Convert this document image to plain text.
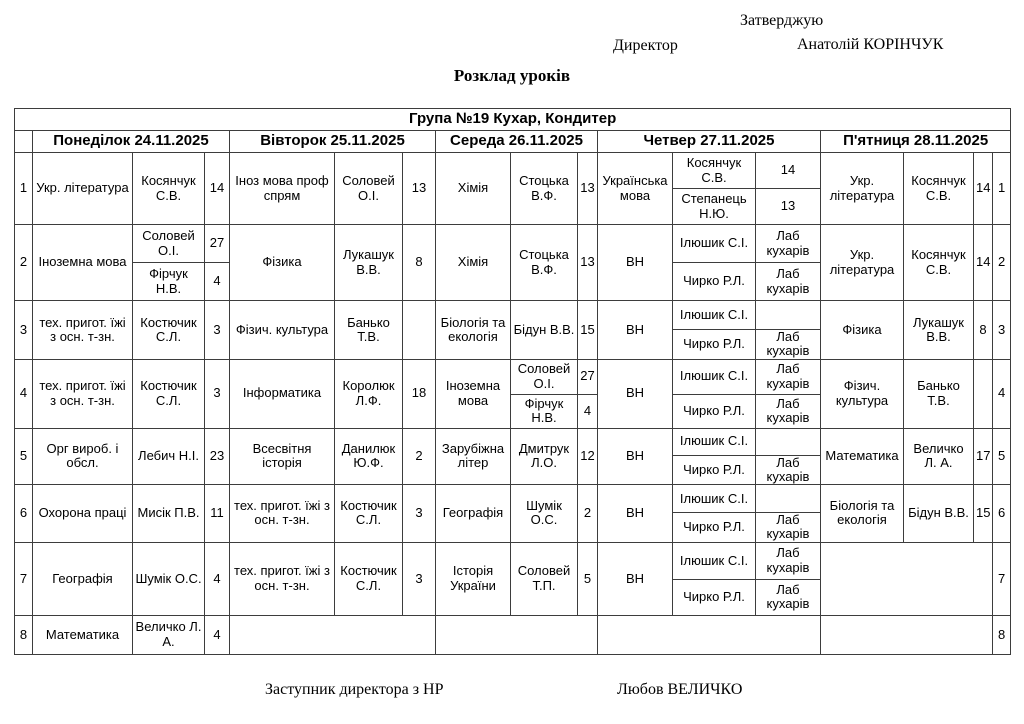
Затверджую
Директор	Анатолій КОРІНЧУК
Розклад уроків
Група №19 Кухар, Кондитер																
	Понеділок 24.11.2025			Вівторок 25.11.2025			Середа 26.11.2025			Четвер 27.11.2025			П'ятниця 28.11.2025			
1	Укр. література	Косянчук С.В.	14	Іноз мова проф спрям	Соловей О.І.	13	Хімія	Стоцька В.Ф.	13	Українська мова	Косянчук С.В.	14	Укр. література	Косянчук С.В.	14	1
											Степанець Н.Ю.	13				
2	Іноземна мова	Соловей О.І.	27	Фізика	Лукашук В.В.	8	Хімія	Стоцька В.Ф.	13	ВН	Ілюшик С.І.	Лаб кухарів	Укр. література	Косянчук С.В.	14	2
		Фірчук Н.В.	4								Чирко Р.Л.	Лаб кухарів				
3	тех. пригот. їжі з осн. т-зн.	Костючик С.Л.	3	Фізич. культура	Банько Т.В.		Біологія та екологія	Бідун В.В.	15	ВН	Ілюшик С.І.		Фізика	Лукашук В.В.	8	3
											Чирко Р.Л.	Лаб кухарів				
4	тех. пригот. їжі з осн. т-зн.	Костючик С.Л.	3	Інформатика	Королюк Л.Ф.	18	Іноземна мова	Соловей О.І.	27	ВН	Ілюшик С.І.	Лаб кухарів	Фізич. культура	Банько Т.В.		4
								Фірчук Н.В.	4		Чирко Р.Л.	Лаб кухарів				
5	Орг вироб. і обсл.	Лебич Н.І.	23	Всесвітня історія	Данилюк Ю.Ф.	2	Зарубіжна літер	Дмитрук Л.О.	12	ВН	Ілюшик С.І.		Математика	Величко Л. А.	17	5
											Чирко Р.Л.	Лаб кухарів				
6	Охорона праці	Мисік П.В.	11	тех. пригот. їжі з осн. т-зн.	Костючик С.Л.	3	Географія	Шумік О.С.	2	ВН	Ілюшик С.І.		Біологія та екологія	Бідун В.В.	15	6
											Чирко Р.Л.	Лаб кухарів				
7	Географія	Шумік О.С.	4	тех. пригот. їжі з осн. т-зн.	Костючик С.Л.	3	Історія України	Соловей Т.П.	5	ВН	Ілюшик С.І.	Лаб кухарів				7
											Чирко Р.Л.	Лаб кухарів				
8	Математика	Величко Л. А.	4													8
Заступник директора з НР	Любов ВЕЛИЧКО
